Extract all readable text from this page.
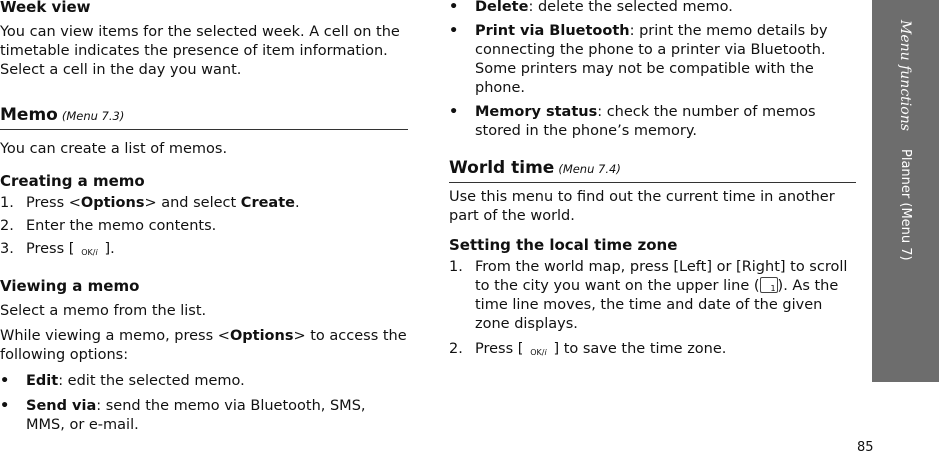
Week view

You can view items for the selected week. A cell on the timetable indicates the presence of item information. Select a cell in the day you want.

Memo (Menu 7.3)

You can create a list of memos.

Creating a memo

1. Press <Options> and select Create.
2. Enter the memo contents.
3. Press [ OK/i ].

Viewing a memo

Select a memo from the list.

While viewing a memo, press <Options> to access the following options:

• Edit: edit the selected memo.
• Send via: send the memo via Bluetooth, SMS, MMS, or e-mail.
• Delete: delete the selected memo.
• Print via Bluetooth: print the memo details by connecting the phone to a printer via Bluetooth. Some printers may not be compatible with the phone.
• Memory status: check the number of memos stored in the phone’s memory.
World time (Menu 7.4)

Use this menu to find out the current time in another part of the world.

Setting the local time zone

1. From the world map, press [Left] or [Right] to scroll to the city you want on the upper line (1 ). As the time line moves, the time and date of the given zone displays.
2. Press [ OK/i ] to save the time zone.
Menu functions Planner (Menu 7)
85
